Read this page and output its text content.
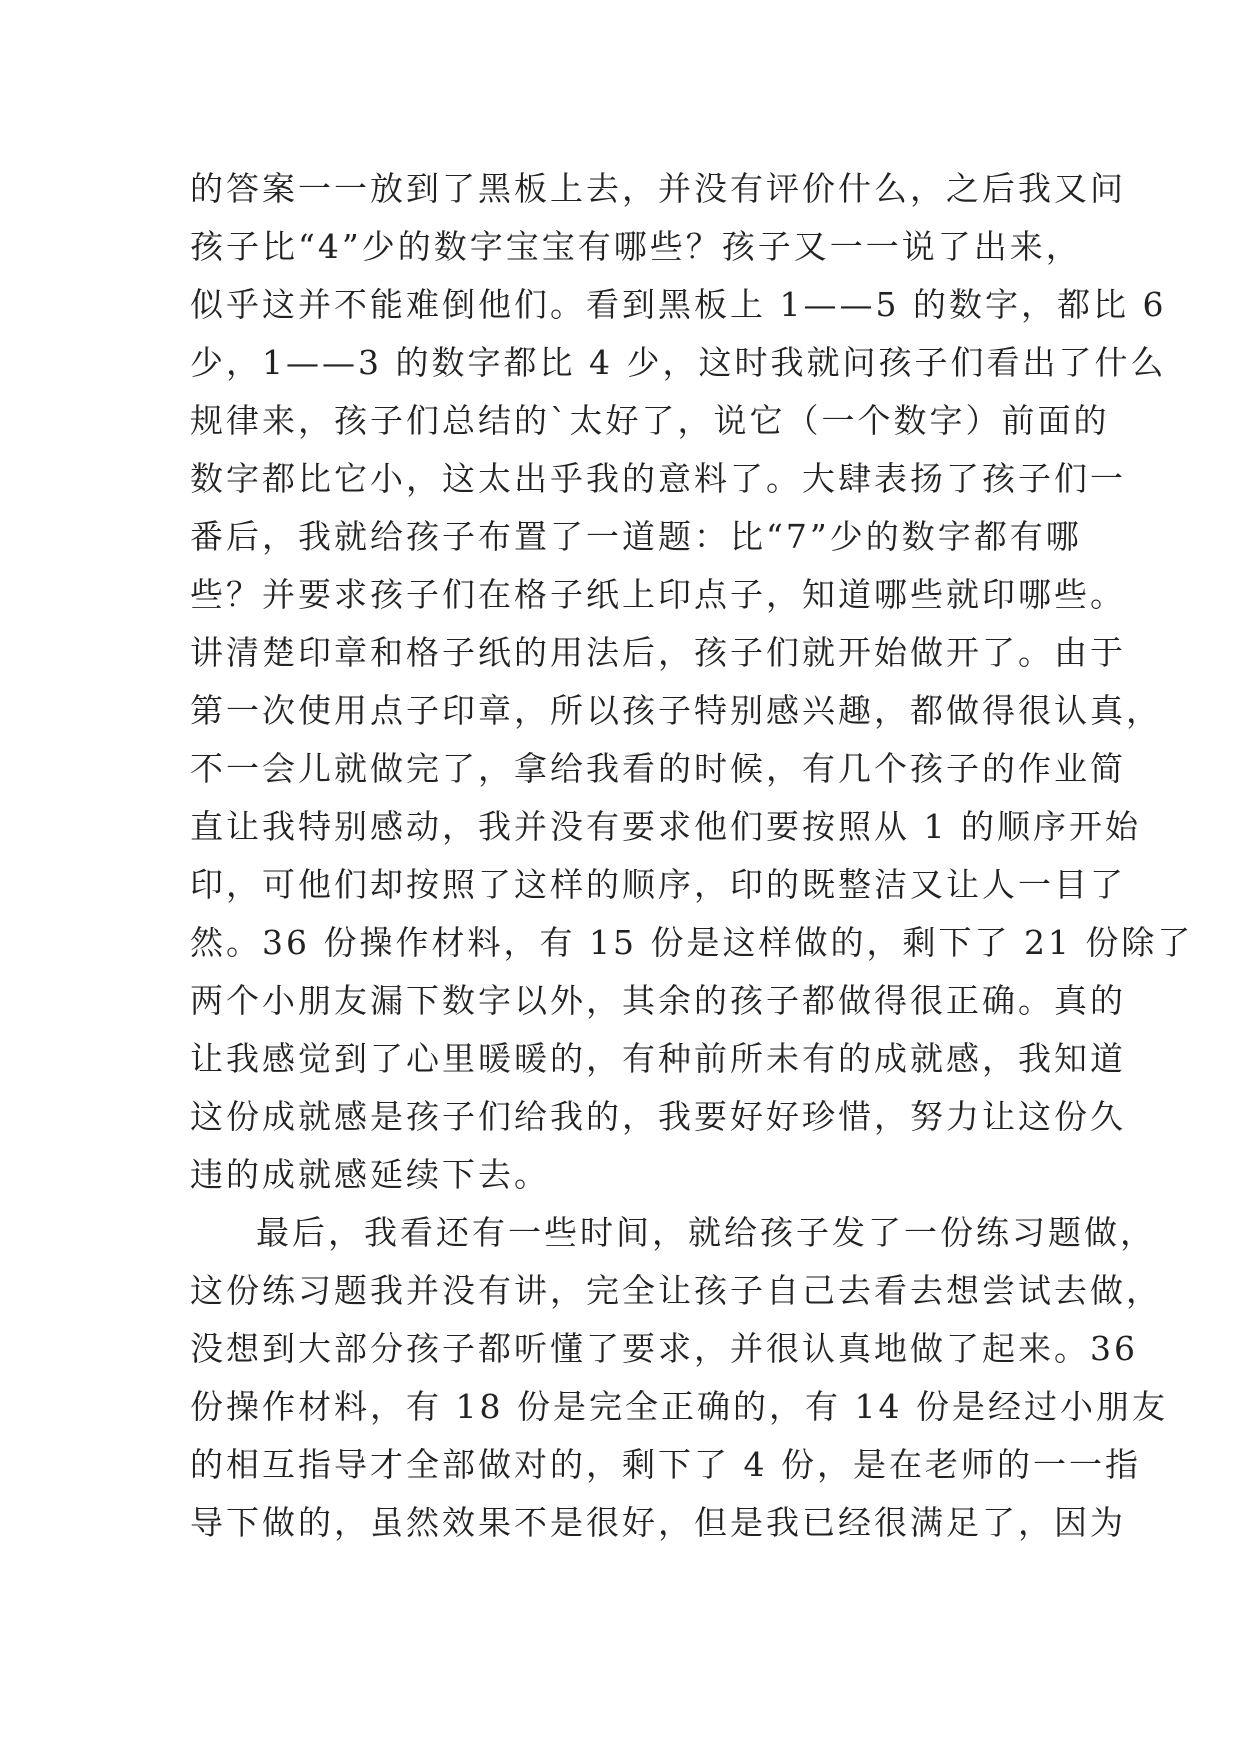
的答案一一放到了黑板上去，并没有评价什么，之后我又问
孩子比“4”少的数字宝宝有哪些？孩子又一一说了出来，
似乎这并不能难倒他们。看到黑板上 1——5 的数字，都比 6
少，1——3 的数字都比 4 少，这时我就问孩子们看出了什么
规律来，孩子们总结的`太好了，说它（一个数字）前面的
数字都比它小，这太出乎我的意料了。大肆表扬了孩子们一
番后，我就给孩子布置了一道题：比“7”少的数字都有哪
些？并要求孩子们在格子纸上印点子，知道哪些就印哪些。
讲清楚印章和格子纸的用法后，孩子们就开始做开了。由于
第一次使用点子印章，所以孩子特别感兴趣，都做得很认真，
不一会儿就做完了，拿给我看的时候，有几个孩子的作业简
直让我特别感动，我并没有要求他们要按照从 1 的顺序开始
印，可他们却按照了这样的顺序，印的既整洁又让人一目了
然。36 份操作材料，有 15 份是这样做的，剩下了 21 份除了
两个小朋友漏下数字以外，其余的孩子都做得很正确。真的
让我感觉到了心里暖暖的，有种前所未有的成就感，我知道
这份成就感是孩子们给我的，我要好好珍惜，努力让这份久
违的成就感延续下去。
最后，我看还有一些时间，就给孩子发了一份练习题做，
这份练习题我并没有讲，完全让孩子自己去看去想尝试去做，
没想到大部分孩子都听懂了要求，并很认真地做了起来。36
份操作材料，有 18 份是完全正确的，有 14 份是经过小朋友
的相互指导才全部做对的，剩下了 4 份，是在老师的一一指
导下做的，虽然效果不是很好，但是我已经很满足了，因为
